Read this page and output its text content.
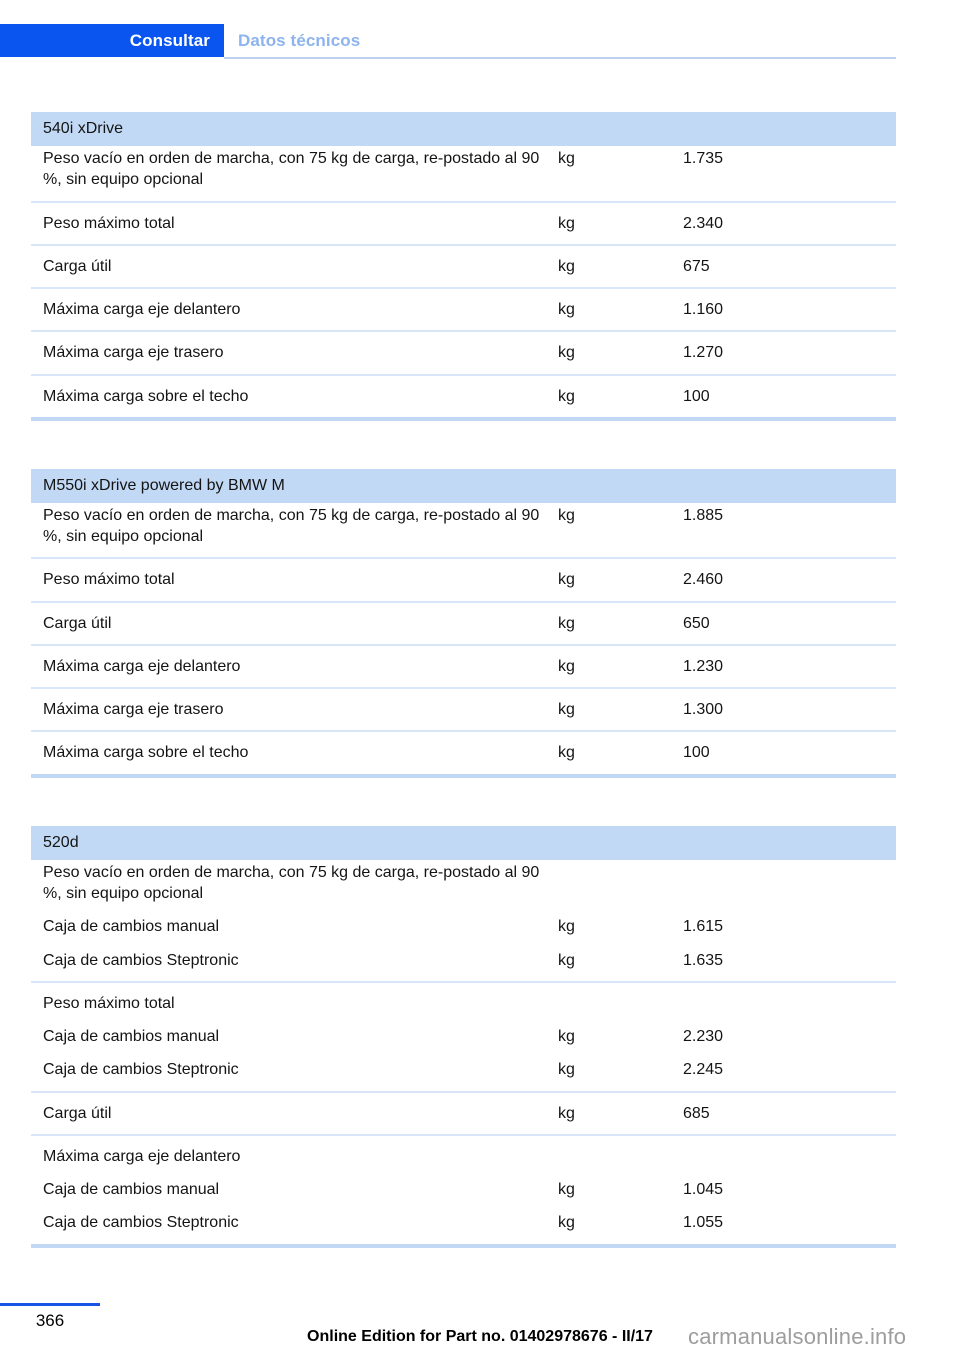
Consultar Datos técnicos
540i xDrive		
Peso vacío en orden de marcha, con 75 kg de carga, re-postado al 90 %, sin equipo opcional	kg	1.735
Peso máximo total	kg	2.340
Carga útil	kg	675
Máxima carga eje delantero	kg	1.160
Máxima carga eje trasero	kg	1.270
Máxima carga sobre el techo	kg	100
M550i xDrive powered by BMW M		
Peso vacío en orden de marcha, con 75 kg de carga, re-postado al 90 %, sin equipo opcional	kg	1.885
Peso máximo total	kg	2.460
Carga útil	kg	650
Máxima carga eje delantero	kg	1.230
Máxima carga eje trasero	kg	1.300
Máxima carga sobre el techo	kg	100
520d		
Peso vacío en orden de marcha, con 75 kg de carga, re-postado al 90 %, sin equipo opcional		
Caja de cambios manual	kg	1.615
Caja de cambios Steptronic	kg	1.635
Peso máximo total		
Caja de cambios manual	kg	2.230
Caja de cambios Steptronic	kg	2.245
Carga útil	kg	685
Máxima carga eje delantero		
Caja de cambios manual	kg	1.045
Caja de cambios Steptronic	kg	1.055
366
Online Edition for Part no. 01402978676 - II/17	carmanualsonline.info
